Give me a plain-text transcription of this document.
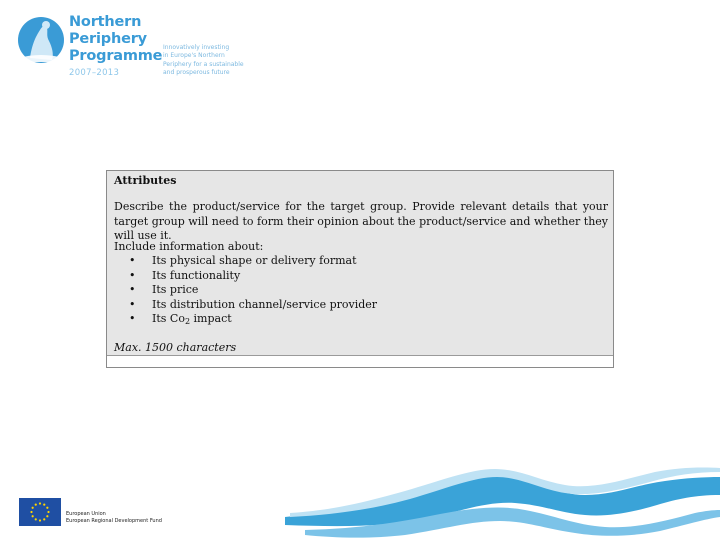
Northern
Periphery
Programme
2007–2013
Innovatively investing
in Europe's Northern
Periphery for a sustainable
and prosperous future
Attributes
Describe the product/service for the target group. Provide relevant details that your target group will need to form their opinion about the product/service and whether they will use it.
Include information about:
• Its physical shape or delivery format
• Its functionality
• Its price
• Its distribution channel/service provider
• Its $Co_2$ impact
Max. 1500 characters
European Union
European Regional Development Fund
